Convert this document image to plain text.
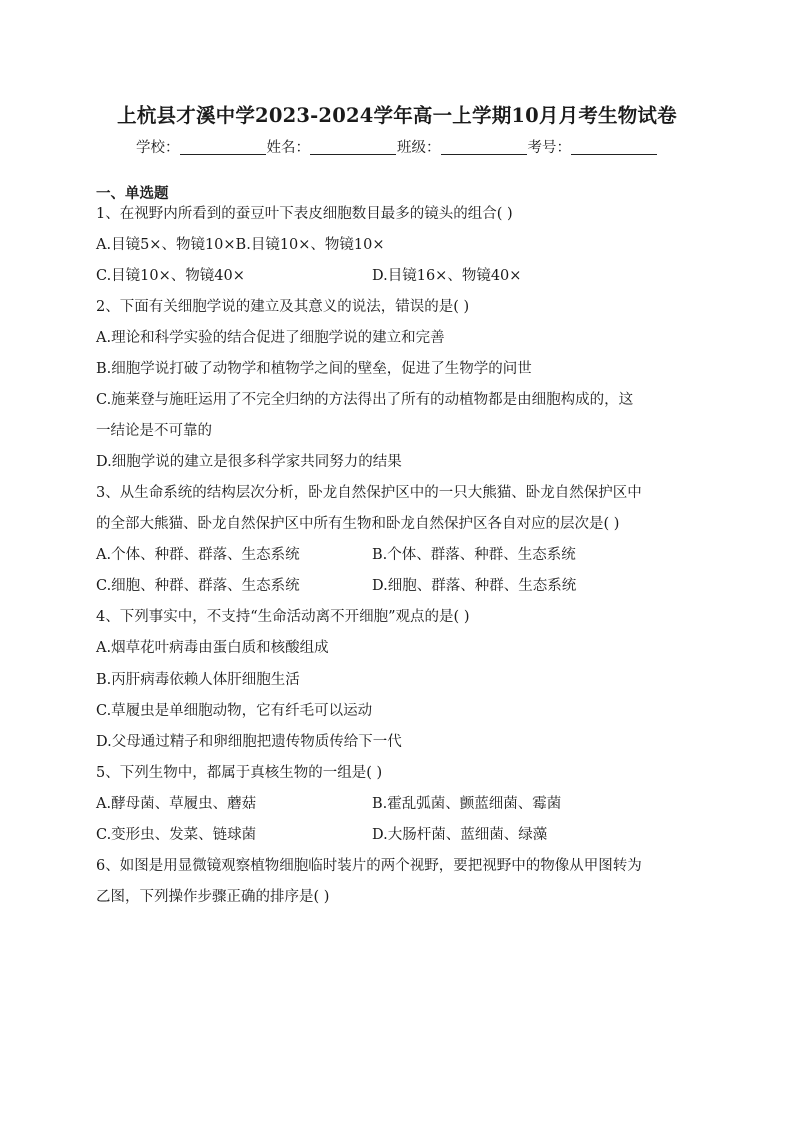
上杭县才溪中学2023-2024学年高一上学期10月月考生物试卷
学校：	姓名：	班级：	考号：
一、单选题
1、在视野内所看到的蚕豆叶下表皮细胞数目最多的镜头的组合( )
A.目镜5×、物镜10×B.目镜10×、物镜10×
C.目镜10×、物镜40×	D.目镜16×、物镜40×
2、下面有关细胞学说的建立及其意义的说法，错误的是( )
A.理论和科学实验的结合促进了细胞学说的建立和完善
B.细胞学说打破了动物学和植物学之间的壁垒，促进了生物学的问世
C.施莱登与施旺运用了不完全归纳的方法得出了所有的动植物都是由细胞构成的，这
一结论是不可靠的
D.细胞学说的建立是很多科学家共同努力的结果
3、从生命系统的结构层次分析，卧龙自然保护区中的一只大熊猫、卧龙自然保护区中
的全部大熊猫、卧龙自然保护区中所有生物和卧龙自然保护区各自对应的层次是( )
A.个体、种群、群落、生态系统	B.个体、群落、种群、生态系统
C.细胞、种群、群落、生态系统	D.细胞、群落、种群、生态系统
4、下列事实中，不支持“生命活动离不开细胞”观点的是( )
A.烟草花叶病毒由蛋白质和核酸组成
B.丙肝病毒依赖人体肝细胞生活
C.草履虫是单细胞动物，它有纤毛可以运动
D.父母通过精子和卵细胞把遗传物质传给下一代
5、下列生物中，都属于真核生物的一组是( )
A.酵母菌、草履虫、蘑菇	B.霍乱弧菌、颤蓝细菌、霉菌
C.变形虫、发菜、链球菌	D.大肠杆菌、蓝细菌、绿藻
6、如图是用显微镜观察植物细胞临时装片的两个视野，要把视野中的物像从甲图转为
乙图，下列操作步骤正确的排序是( )
